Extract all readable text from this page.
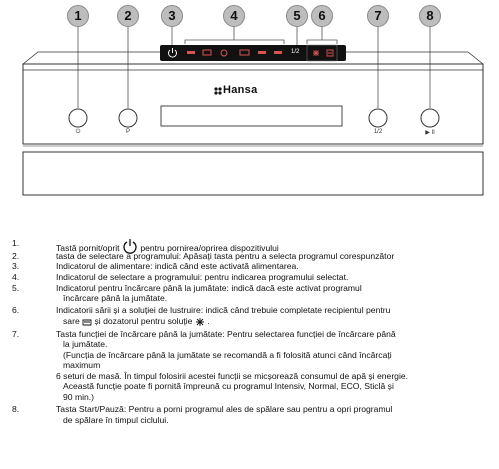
1	2	3	4	5	6	7	8
1/2
Hansa
⏻	P	1/2	▶ II
1.	Tastă pornit/oprit pentru pornirea/oprirea dispozitivului
2.	tasta de selectare a programului: Apăsați tasta pentru a selecta programul corespunzător
3.	Indicatorul de alimentare: indică când este activată alimentarea.
4.	Indicatorul de selectare a programului: pentru indicarea programului selectat.
5.	Indicatorul pentru încărcare până la jumătate: indică dacă este activat programul
încărcare până la jumătate.
6.	Indicatorii sării și a soluției de lustruire: indică când trebuie completate recipientul pentru
sare și dozatorul pentru soluție .
7.	Tasta funcției de încărcare până la jumătate: Pentru selectarea funcției de încărcare până
la jumătate.
(Funcția de încărcare până la jumătate se recomandă a fi folosită atunci când încărcați
maximum
6 seturi de masă. În timpul folosirii acestei funcții se micșorează consumul de apă și energie.
Această funcție poate fi pornită împreună cu programul Intensiv, Normal, ECO, Sticlă și
90 min.)
8.	Tasta Start/Pauză: Pentru a porni programul ales de spălare sau pentru a opri programul
de spălare în timpul ciclului.
